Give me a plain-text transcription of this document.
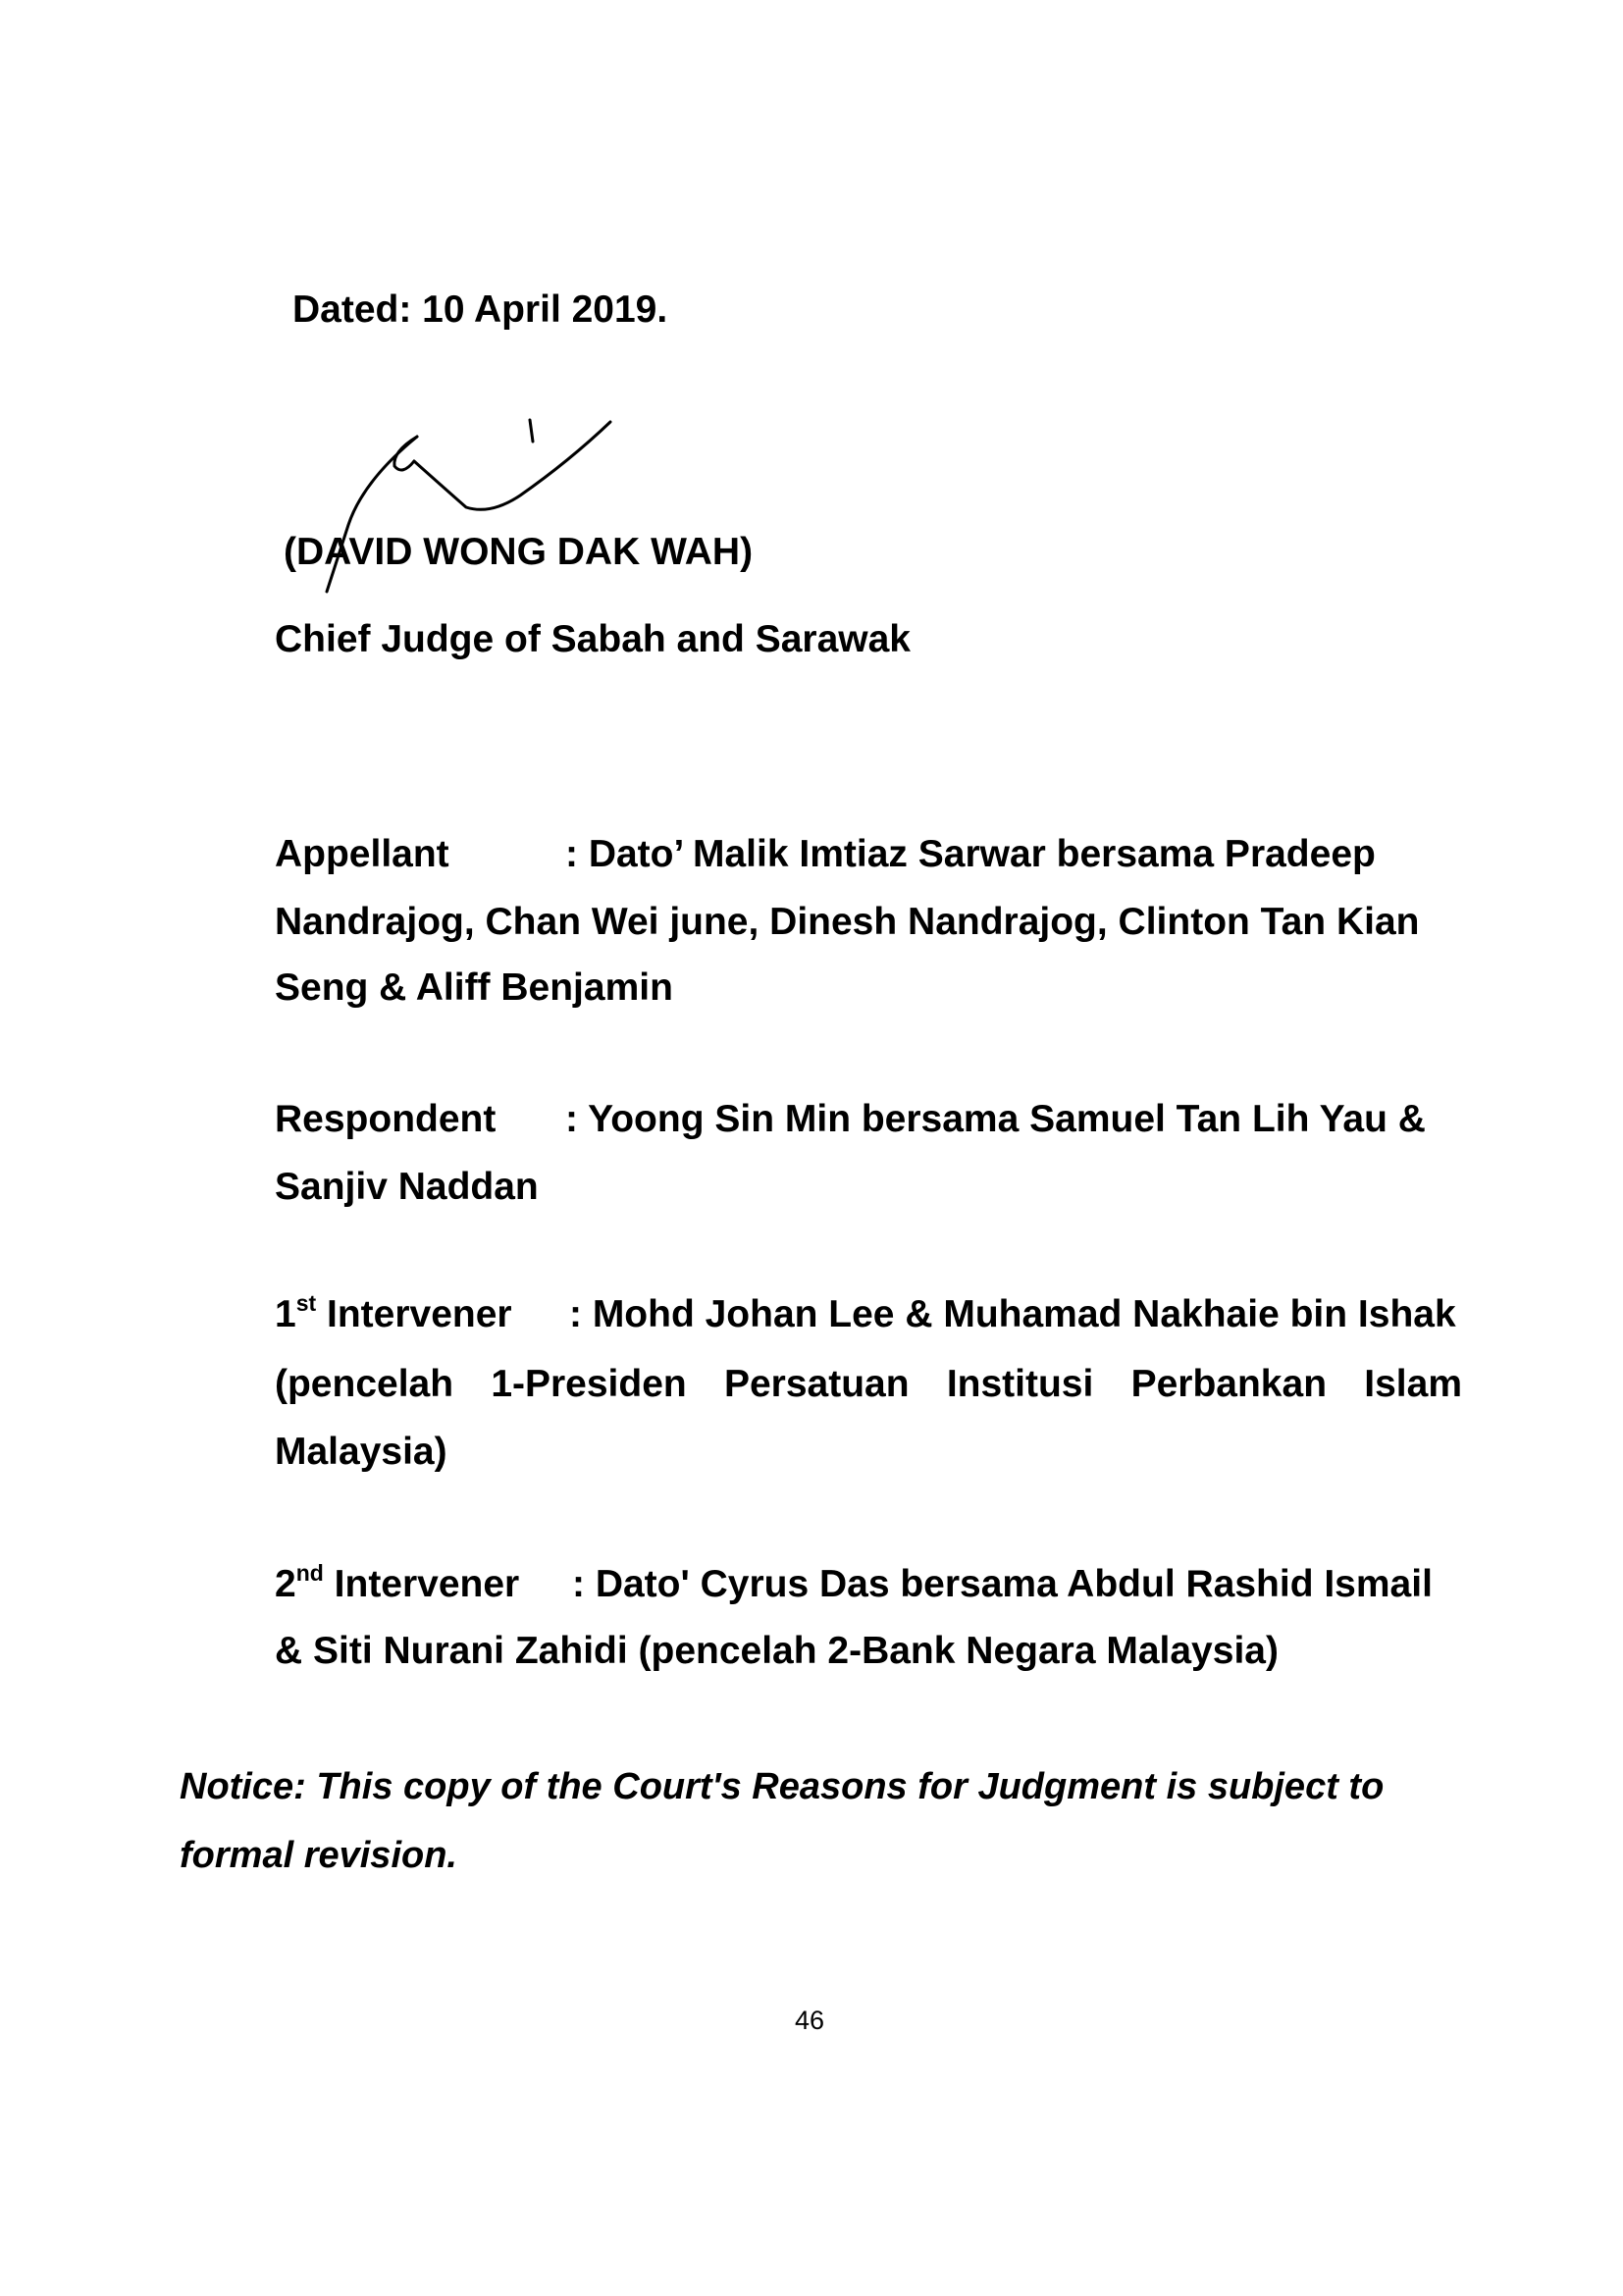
Dated: 10 April 2019.
(DAVID WONG DAK WAH)
Chief Judge of Sabah and Sarawak
Appellant	: Dato’ Malik Imtiaz Sarwar bersama Pradeep
Nandrajog, Chan Wei june, Dinesh Nandrajog, Clinton Tan Kian
Seng & Aliff Benjamin
Respondent : Yoong Sin Min bersama Samuel Tan Lih Yau &
Sanjiv Naddan
1st Intervener : Mohd Johan Lee & Muhamad Nakhaie bin Ishak
(pencelah 1-Presiden Persatuan Institusi Perbankan Islam
Malaysia)
2nd Intervener : Dato' Cyrus Das bersama Abdul Rashid Ismail
& Siti Nurani Zahidi (pencelah 2-Bank Negara Malaysia)
Notice: This copy of the Court's Reasons for Judgment is subject to
formal revision.
46
